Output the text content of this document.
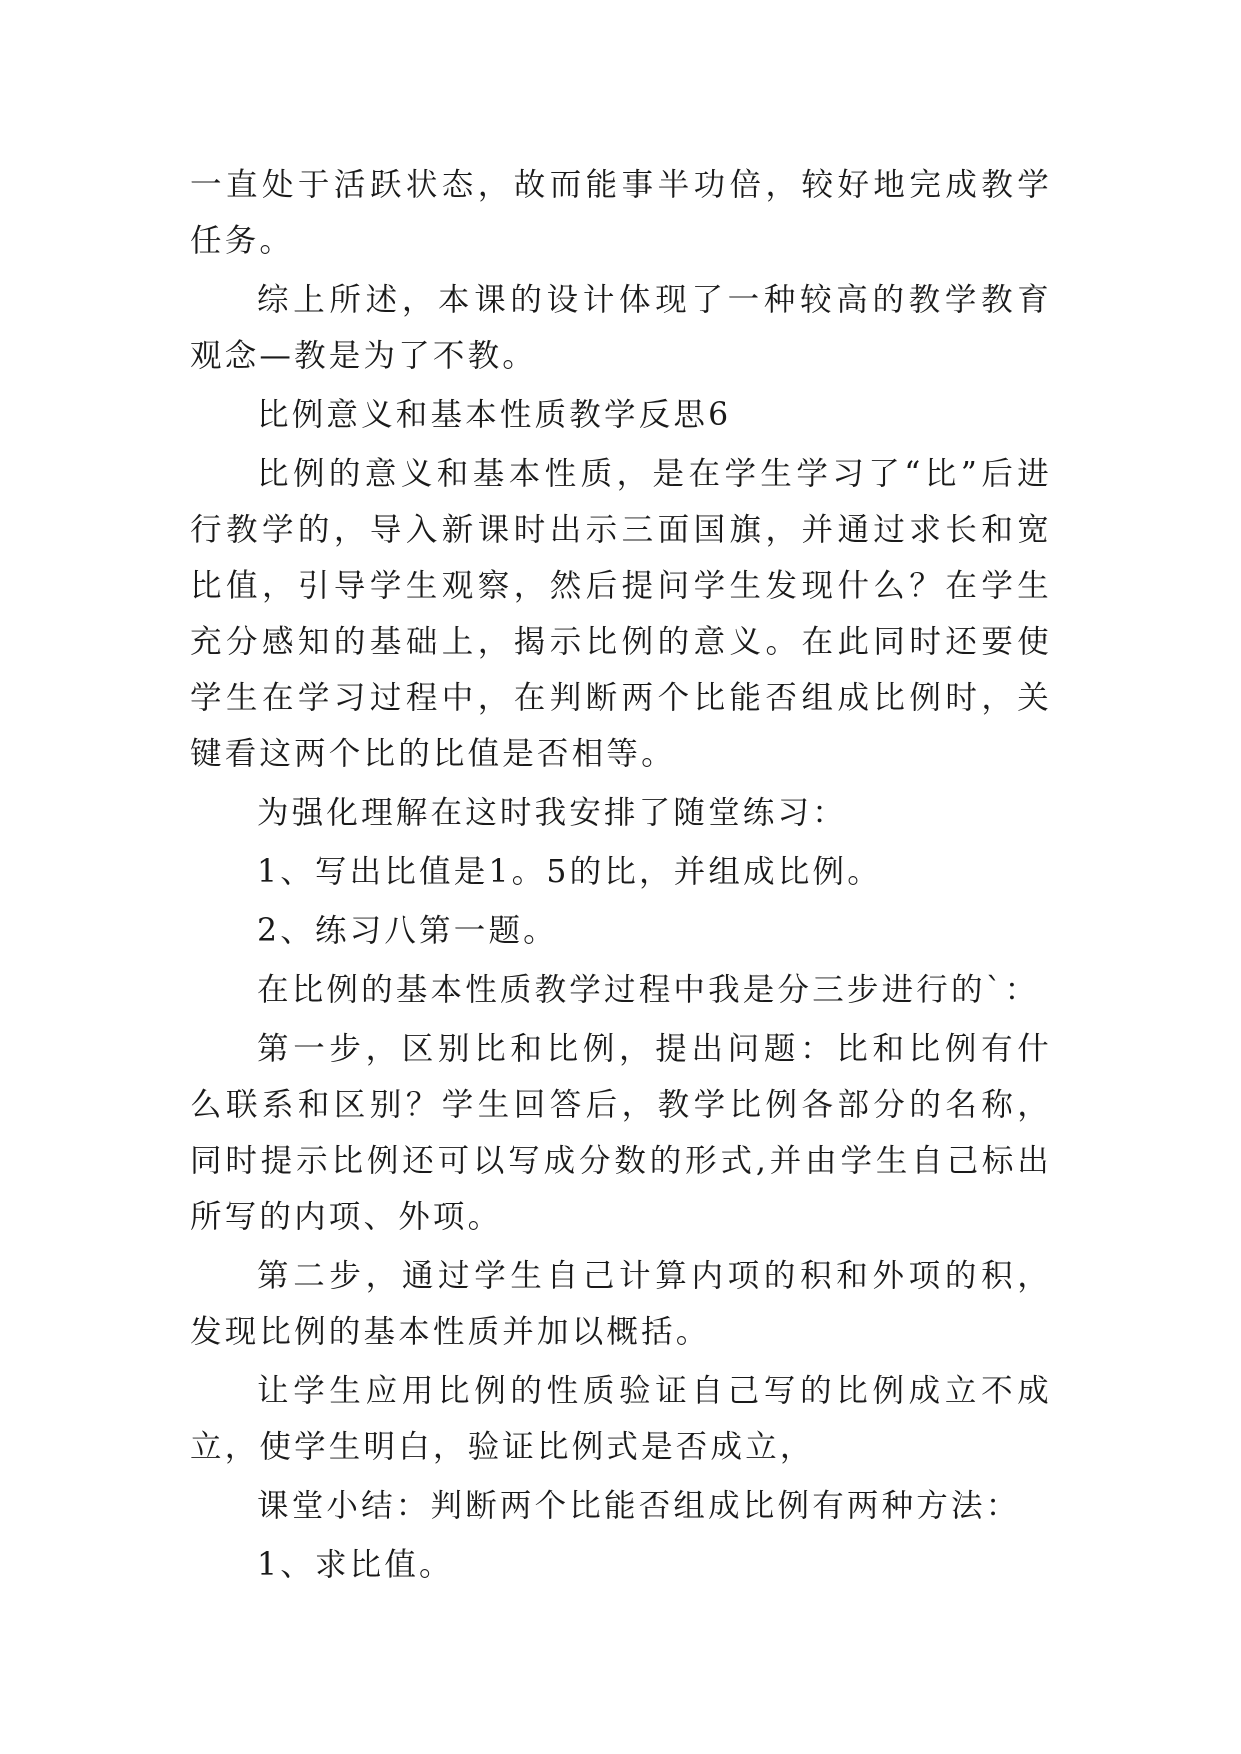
一直处于活跃状态，故而能事半功倍，较好地完成教学任务。

综上所述，本课的设计体现了一种较高的教学教育观念—教是为了不教。

比例意义和基本性质教学反思6

比例的意义和基本性质，是在学生学习了“比”后进行教学的，导入新课时出示三面国旗，并通过求长和宽比值，引导学生观察，然后提问学生发现什么？在学生充分感知的基础上，揭示比例的意义。在此同时还要使学生在学习过程中，在判断两个比能否组成比例时，关键看这两个比的比值是否相等。

为强化理解在这时我安排了随堂练习：

1、写出比值是1。5的比，并组成比例。

2、练习八第一题。

在比例的基本性质教学过程中我是分三步进行的`：

第一步，区别比和比例，提出问题：比和比例有什么联系和区别？学生回答后，教学比例各部分的名称，同时提示比例还可以写成分数的形式,并由学生自己标出所写的内项、外项。

第二步，通过学生自己计算内项的积和外项的积，发现比例的基本性质并加以概括。

让学生应用比例的性质验证自己写的比例成立不成立，使学生明白，验证比例式是否成立，

课堂小结：判断两个比能否组成比例有两种方法：

1、求比值。
